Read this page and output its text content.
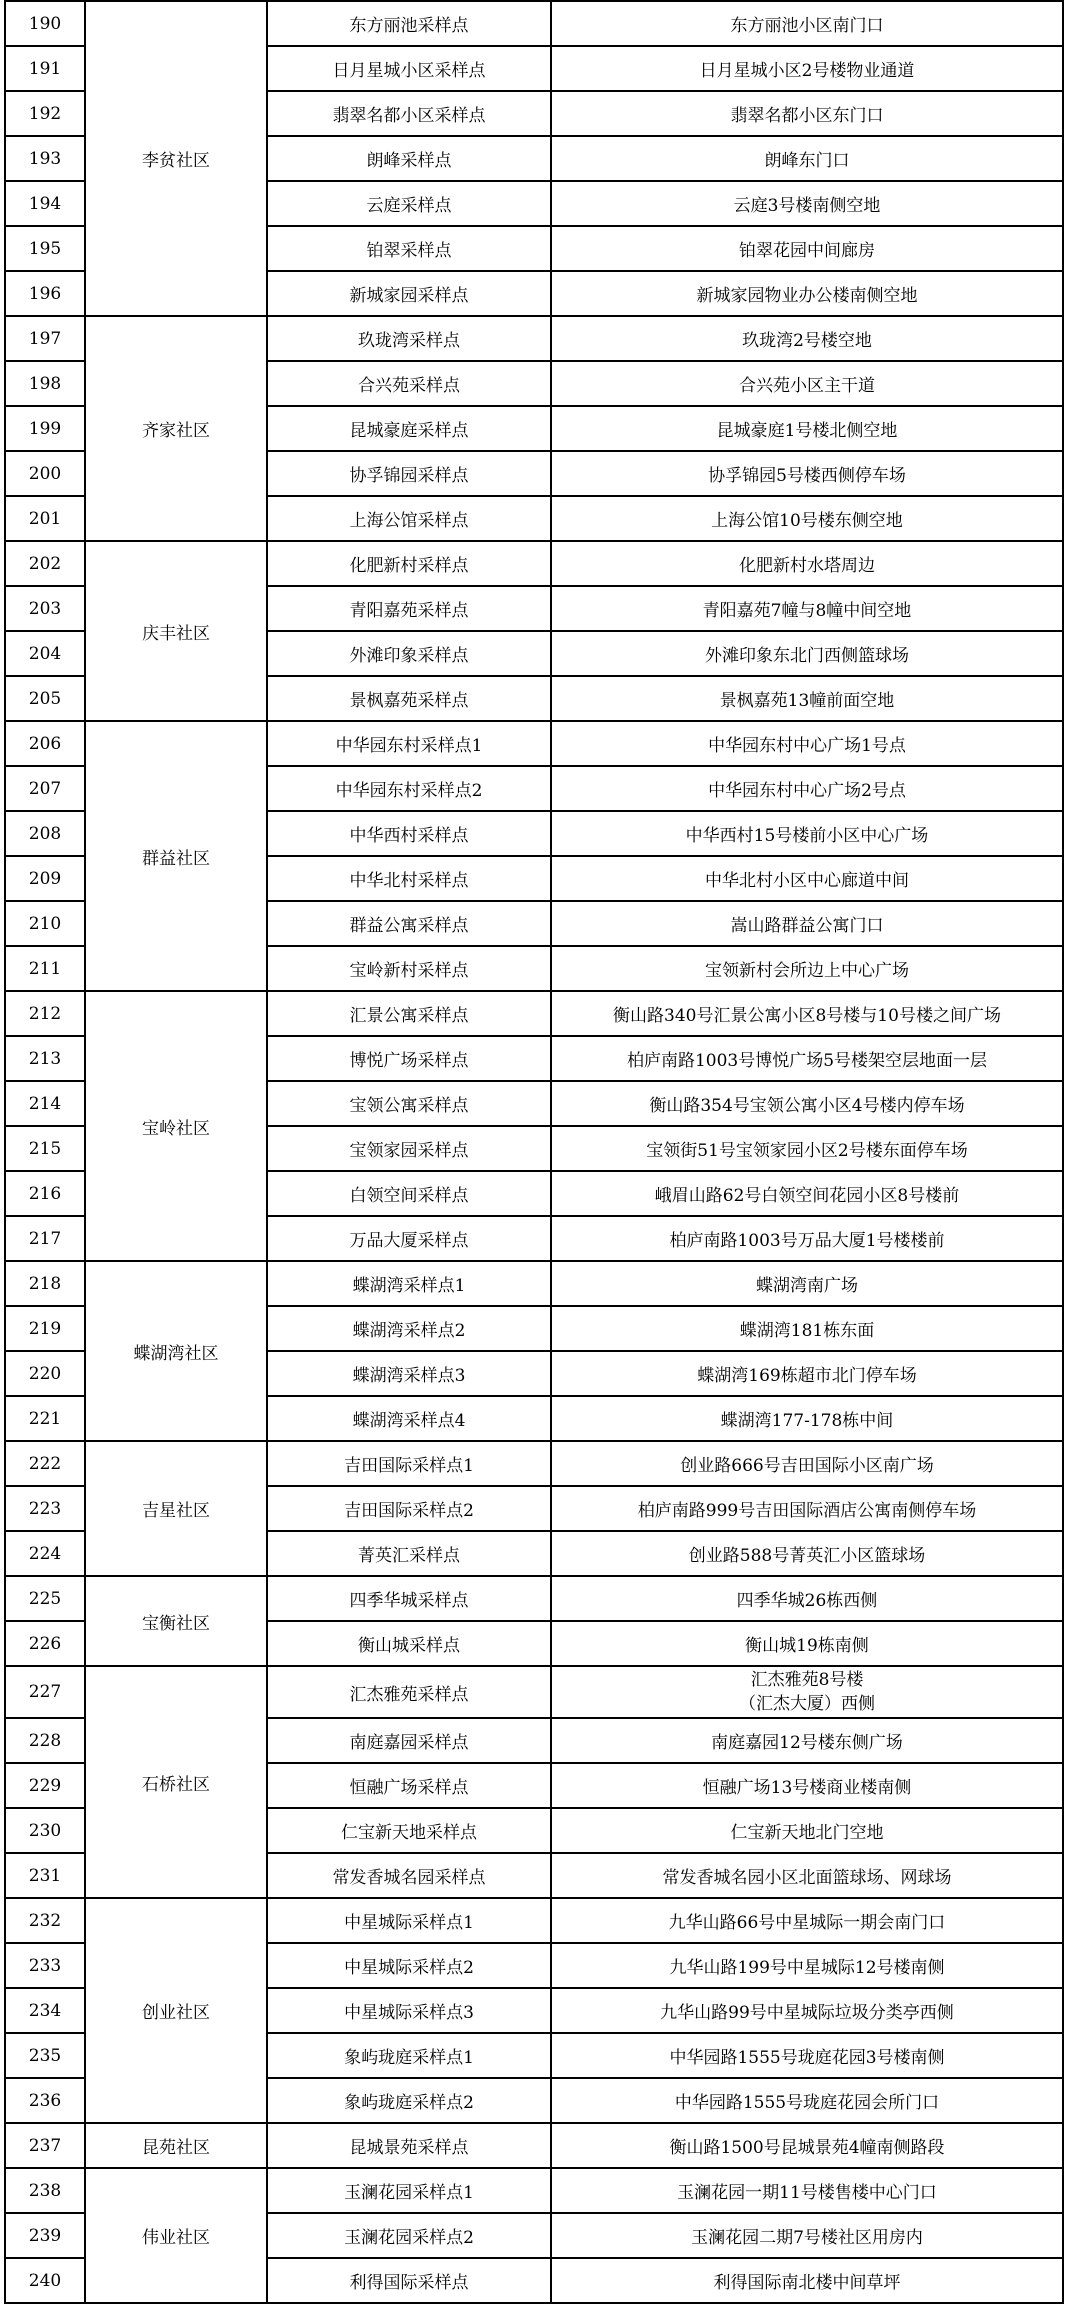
190	李贫社区	东方丽池采样点	东方丽池小区南门口
191		日月星城小区采样点	日月星城小区2号楼物业通道
192		翡翠名都小区采样点	翡翠名都小区东门口
193		朗峰采样点	朗峰东门口
194		云庭采样点	云庭3号楼南侧空地
195		铂翠采样点	铂翠花园中间廊房
196		新城家园采样点	新城家园物业办公楼南侧空地
197	齐家社区	玖珑湾采样点	玖珑湾2号楼空地
198		合兴苑采样点	合兴苑小区主干道
199		昆城豪庭采样点	昆城豪庭1号楼北侧空地
200		协孚锦园采样点	协孚锦园5号楼西侧停车场
201		上海公馆采样点	上海公馆10号楼东侧空地
202	庆丰社区	化肥新村采样点	化肥新村水塔周边
203		青阳嘉苑采样点	青阳嘉苑7幢与8幢中间空地
204		外滩印象采样点	外滩印象东北门西侧篮球场
205		景枫嘉苑采样点	景枫嘉苑13幢前面空地
206	群益社区	中华园东村采样点1	中华园东村中心广场1号点
207		中华园东村采样点2	中华园东村中心广场2号点
208		中华西村采样点	中华西村15号楼前小区中心广场
209		中华北村采样点	中华北村小区中心廊道中间
210		群益公寓采样点	嵩山路群益公寓门口
211		宝岭新村采样点	宝领新村会所边上中心广场
212	宝岭社区	汇景公寓采样点	衡山路340号汇景公寓小区8号楼与10号楼之间广场
213		博悦广场采样点	柏庐南路1003号博悦广场5号楼架空层地面一层
214		宝领公寓采样点	衡山路354号宝领公寓小区4号楼内停车场
215		宝领家园采样点	宝领街51号宝领家园小区2号楼东面停车场
216		白领空间采样点	峨眉山路62号白领空间花园小区8号楼前
217		万品大厦采样点	柏庐南路1003号万品大厦1号楼楼前
218	蝶湖湾社区	蝶湖湾采样点1	蝶湖湾南广场
219		蝶湖湾采样点2	蝶湖湾181栋东面
220		蝶湖湾采样点3	蝶湖湾169栋超市北门停车场
221		蝶湖湾采样点4	蝶湖湾177-178栋中间
222	吉星社区	吉田国际采样点1	创业路666号吉田国际小区南广场
223		吉田国际采样点2	柏庐南路999号吉田国际酒店公寓南侧停车场
224		菁英汇采样点	创业路588号菁英汇小区篮球场
225	宝衡社区	四季华城采样点	四季华城26栋西侧
226		衡山城采样点	衡山城19栋南侧
227	石桥社区	汇杰雅苑采样点	汇杰雅苑8号楼
（汇杰大厦）西侧
228		南庭嘉园采样点	南庭嘉园12号楼东侧广场
229		恒融广场采样点	恒融广场13号楼商业楼南侧
230		仁宝新天地采样点	仁宝新天地北门空地
231		常发香城名园采样点	常发香城名园小区北面篮球场、网球场
232	创业社区	中星城际采样点1	九华山路66号中星城际一期会南门口
233		中星城际采样点2	九华山路199号中星城际12号楼南侧
234		中星城际采样点3	九华山路99号中星城际垃圾分类亭西侧
235		象屿珑庭采样点1	中华园路1555号珑庭花园3号楼南侧
236		象屿珑庭采样点2	中华园路1555号珑庭花园会所门口
237	昆苑社区	昆城景苑采样点	衡山路1500号昆城景苑4幢南侧路段
238	伟业社区	玉澜花园采样点1	玉澜花园一期11号楼售楼中心门口
239		玉澜花园采样点2	玉澜花园二期7号楼社区用房内
240		利得国际采样点	利得国际南北楼中间草坪
